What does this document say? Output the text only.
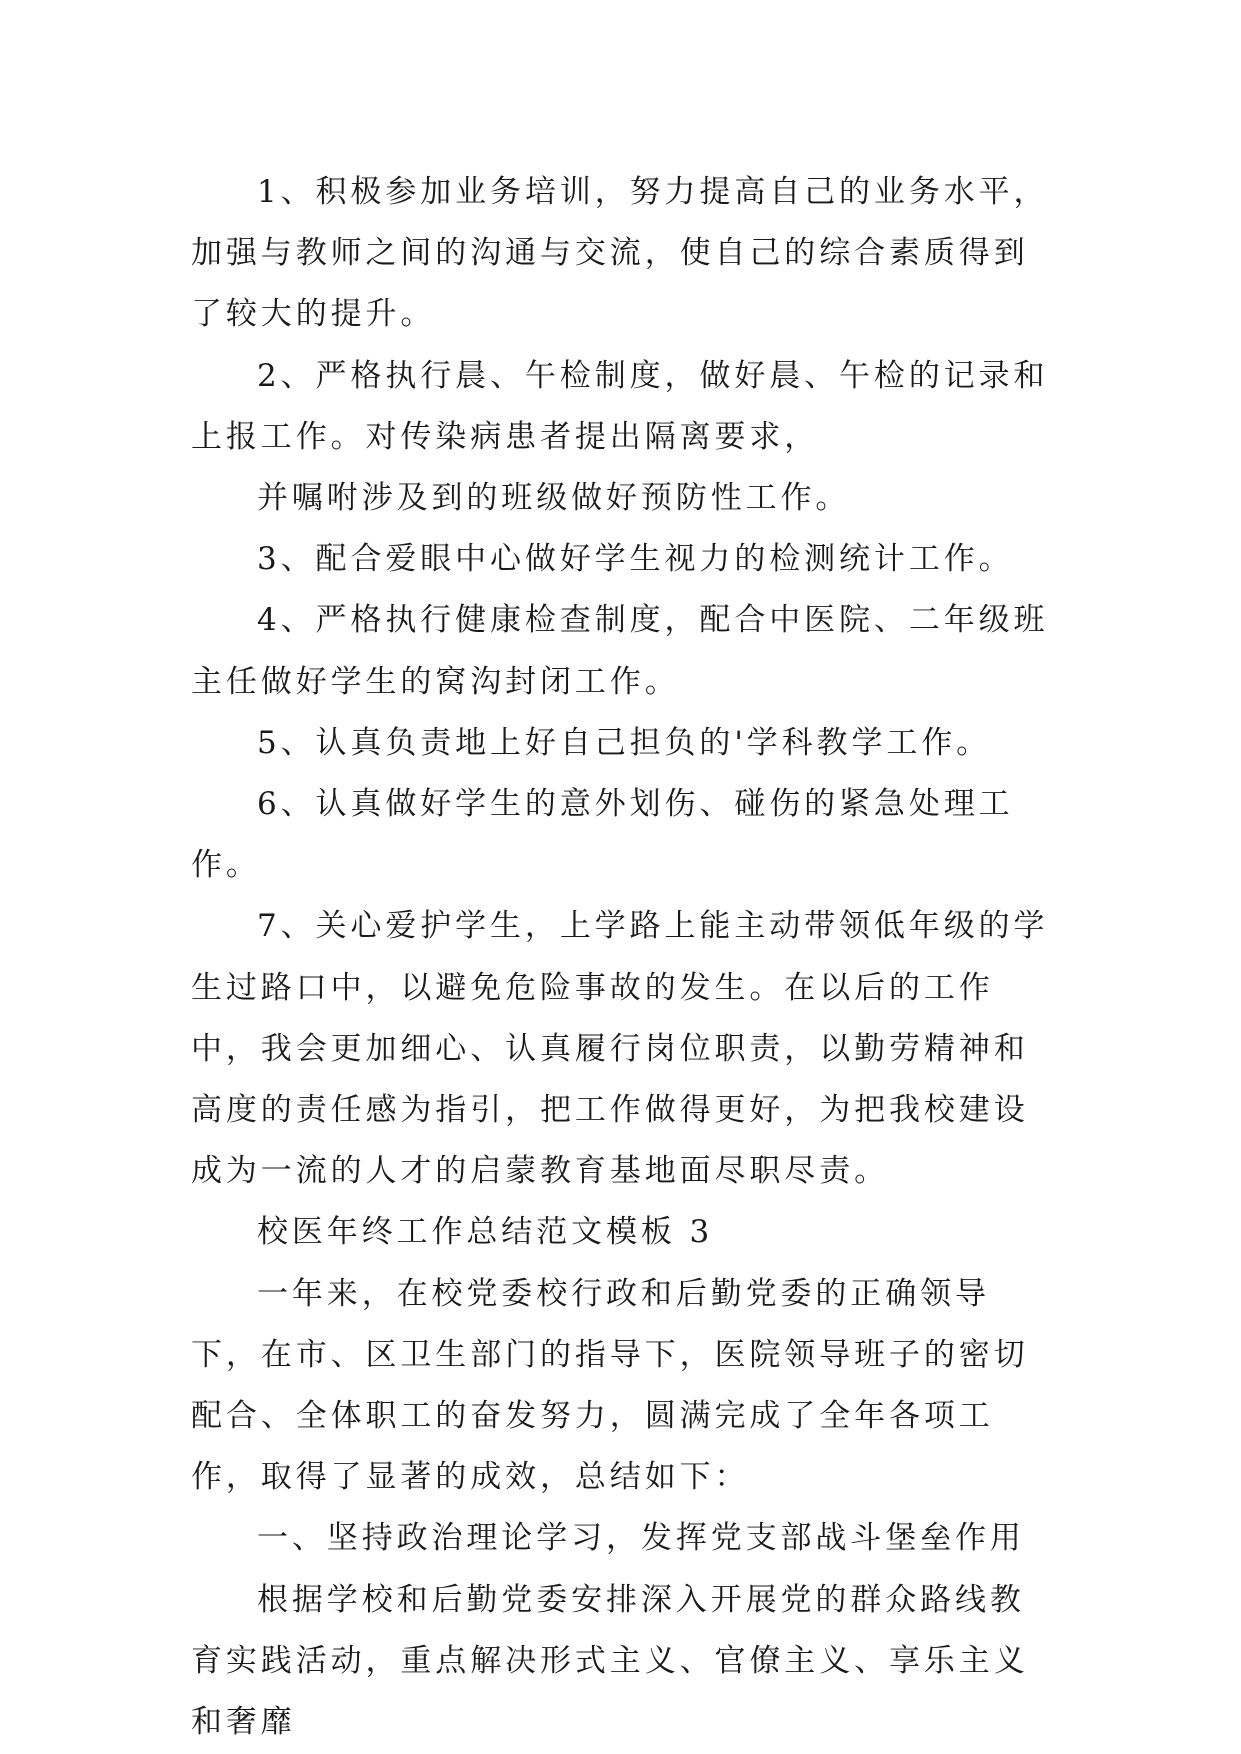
1、积极参加业务培训，努力提高自己的业务水平，加强与教师之间的沟通与交流，使自己的综合素质得到了较大的提升。

2、严格执行晨、午检制度，做好晨、午检的记录和上报工作。对传染病患者提出隔离要求，

并嘱咐涉及到的班级做好预防性工作。

3、配合爱眼中心做好学生视力的检测统计工作。

4、严格执行健康检查制度，配合中医院、二年级班主任做好学生的窝沟封闭工作。

5、认真负责地上好自己担负的'学科教学工作。

6、认真做好学生的意外划伤、碰伤的紧急处理工作。

7、关心爱护学生，上学路上能主动带领低年级的学生过路口中，以避免危险事故的发生。在以后的工作中，我会更加细心、认真履行岗位职责，以勤劳精神和高度的责任感为指引，把工作做得更好，为把我校建设成为一流的人才的启蒙教育基地面尽职尽责。

校医年终工作总结范文模板 3

一年来，在校党委校行政和后勤党委的正确领导下，在市、区卫生部门的指导下，医院领导班子的密切配合、全体职工的奋发努力，圆满完成了全年各项工作，取得了显著的成效，总结如下：

一、坚持政治理论学习，发挥党支部战斗堡垒作用

根据学校和后勤党委安排深入开展党的群众路线教育实践活动，重点解决形式主义、官僚主义、享乐主义和奢靡
